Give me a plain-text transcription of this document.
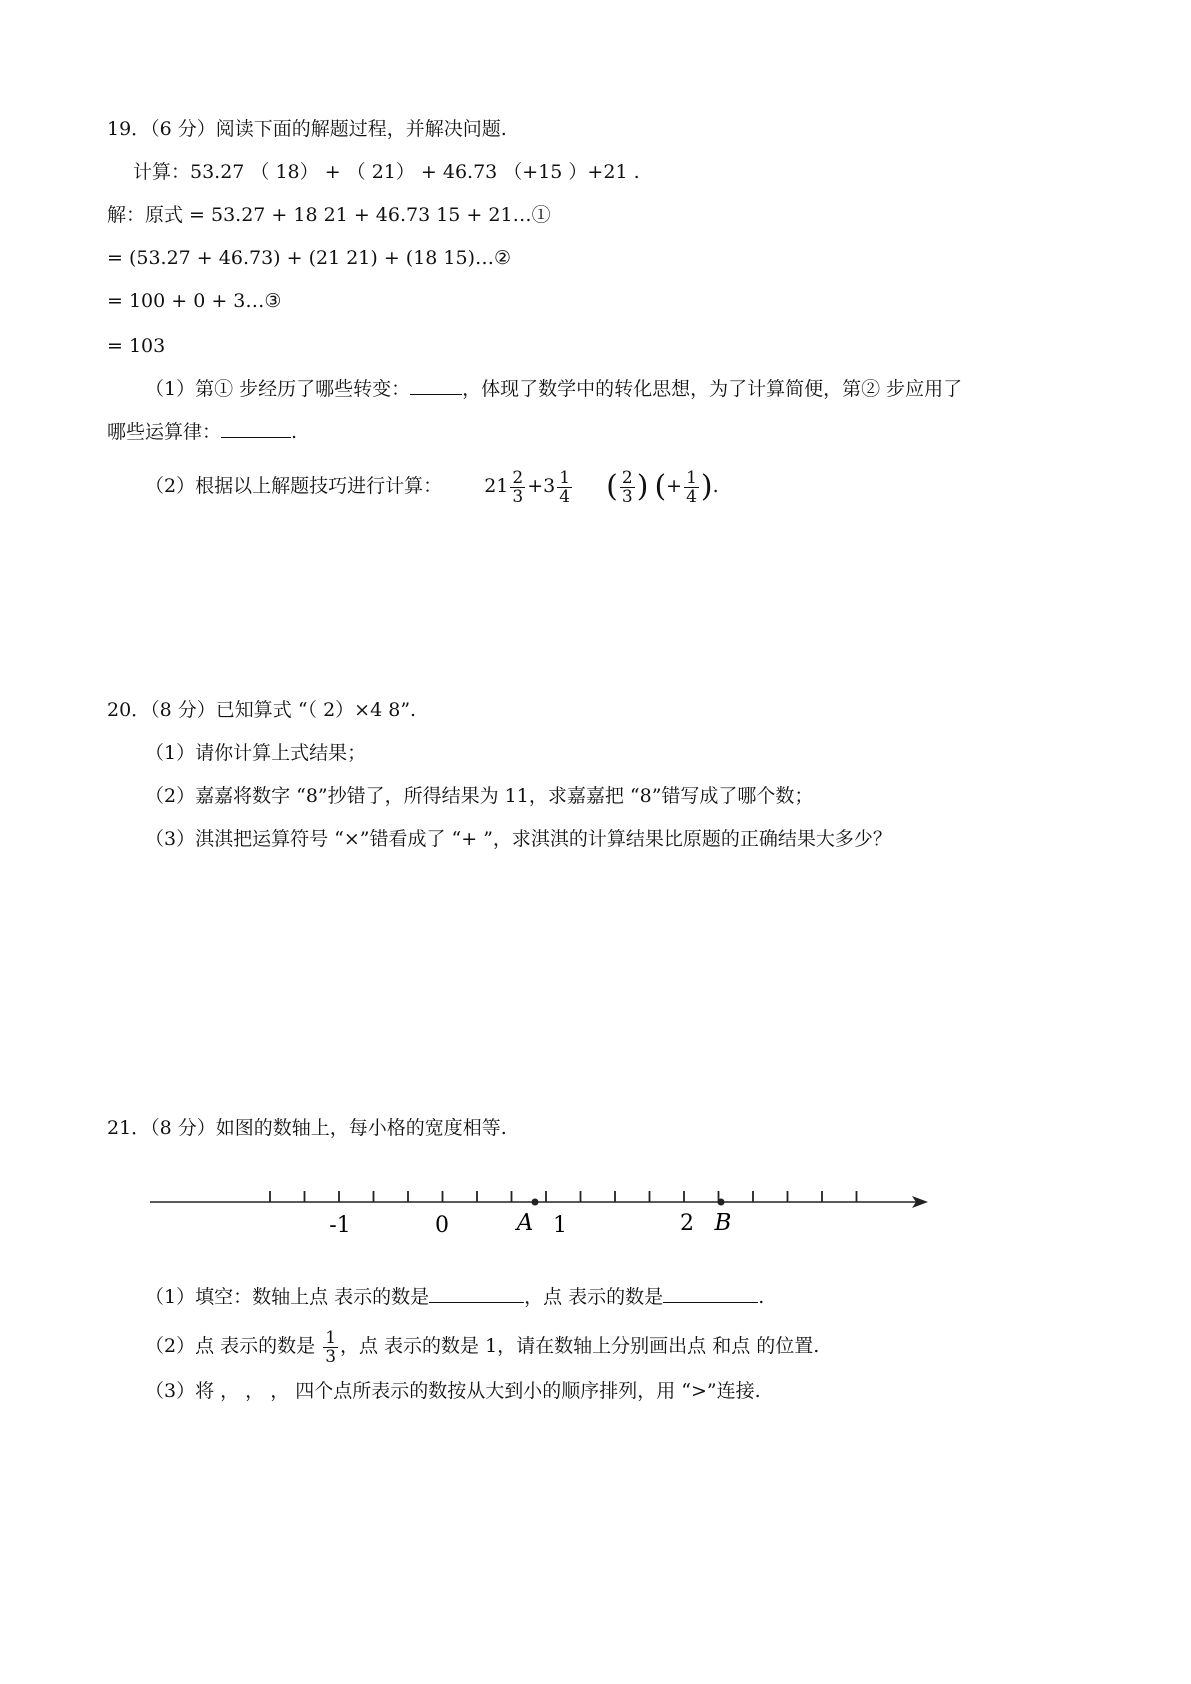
19．（6 分）阅读下面的解题过程，并解决问题.
计算：53.27 （ 18） + （ 21） + 46.73 （+15 ）+21 .
解：原式 = 53.27 + 18 21 + 46.73 15 + 21…①
= (53.27 + 46.73) + (21 21) + (18 15)…②
= 100 + 0 + 3…③
= 103
（1）第① 步经历了哪些转变：	，体现了数学中的转化思想，为了计算简便，第② 步应用了
哪些运算律：	.
（2）根据以上解题技巧进行计算： $21 \frac{2}{3} +3 \frac{1}{4}$ ( $\frac{2}{3}$ ) (+ $\frac{1}{4}$ ).
20．（8 分）已知算式 “（ 2）×4 8”.
（1）请你计算上式结果；
（2）嘉嘉将数字 “8”抄错了，所得结果为 11，求嘉嘉把 “8”错写成了哪个数；
（3）淇淇把运算符号 “×”错看成了 “+ ”，求淇淇的计算结果比原题的正确结果大多少？
21．（8 分）如图的数轴上，每小格的宽度相等.
-1	0	A 1	2 B
（1）填空：数轴上点 表示的数是	，点 表示的数是	.
（2）点 表示的数是 $\frac{1}{3}$ ，点 表示的数是 1，请在数轴上分别画出点 和点 的位置.
（3）将 ， ， ， 四个点所表示的数按从大到小的顺序排列，用 “>”连接.
